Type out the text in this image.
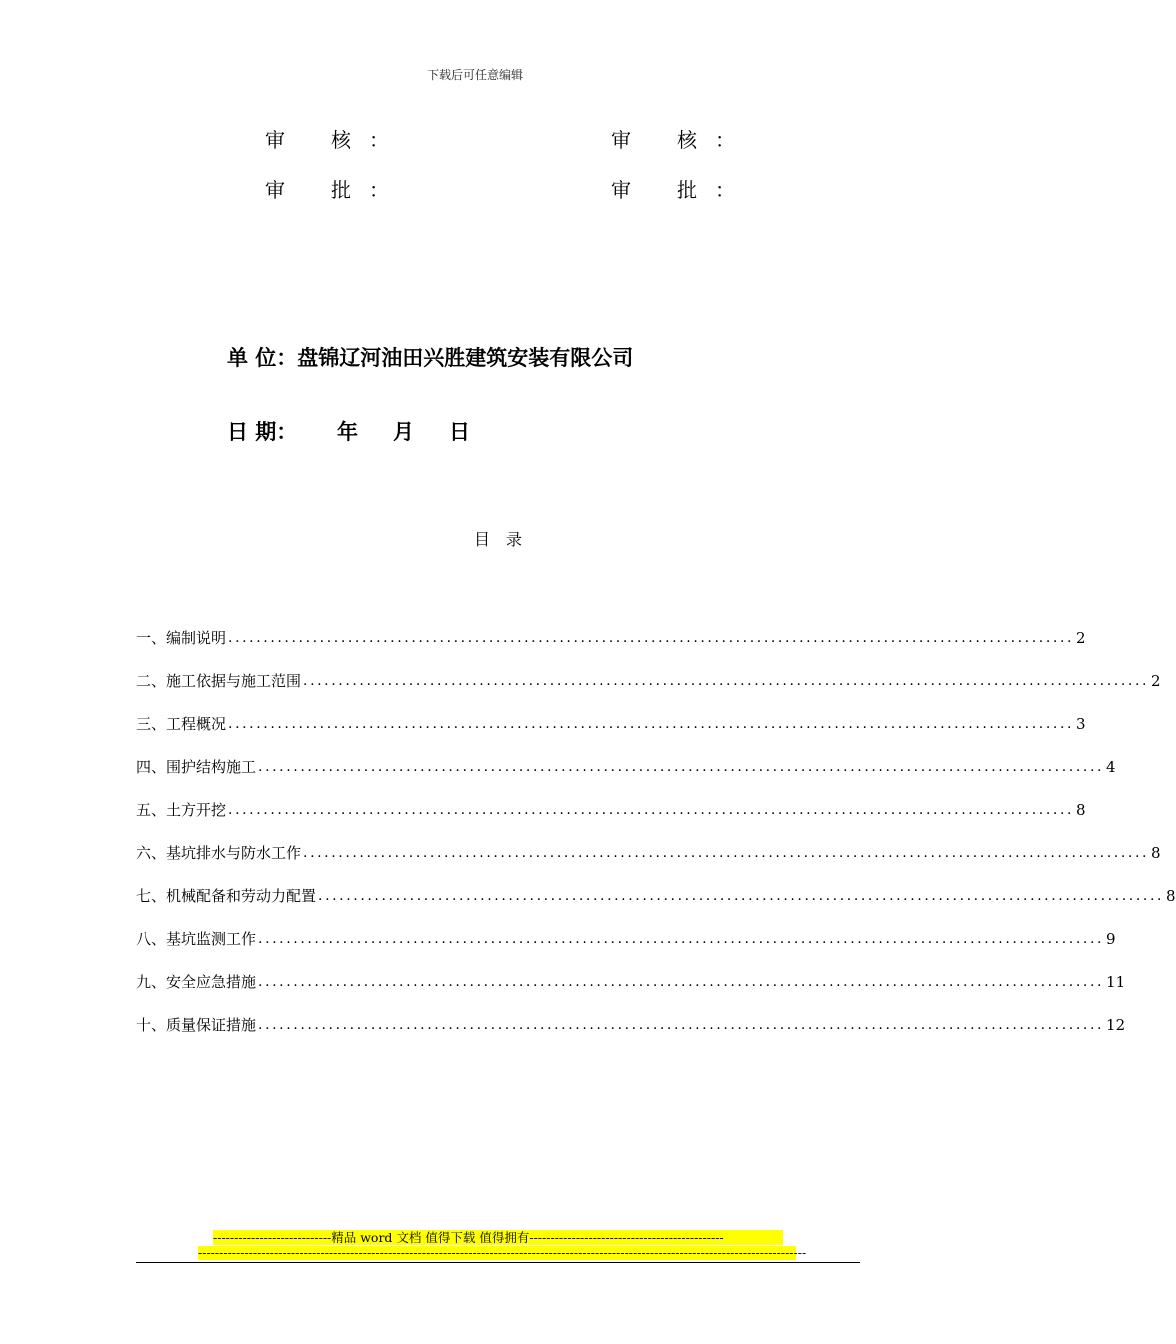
下载后可任意编辑
审 核 ：	审 核 ：
审 批 ：	审 批 ：
单 位：盘锦辽河油田兴胜建筑安装有限公司
日 期： 年 月 日
目 录
一、编制说明 ........................................................................................................................ 2
二、施工依据与施工范围 ........................................................................................................................ 2
三、工程概况 ........................................................................................................................ 3
四、围护结构施工 ........................................................................................................................ 4
五、土方开挖 ........................................................................................................................ 8
六、基坑排水与防水工作 ........................................................................................................................ 8
七、机械配备和劳动力配置 ........................................................................................................................ 8
八、基坑监测工作 ........................................................................................................................ 9
九、安全应急措施 ........................................................................................................................ 11
十、质量保证措施 ........................................................................................................................ 12
----------------------------精品 word 文档 值得下载 值得拥有----------------------------------------------
------------------------------------------------------------------------------------------------------------------------------------------------
